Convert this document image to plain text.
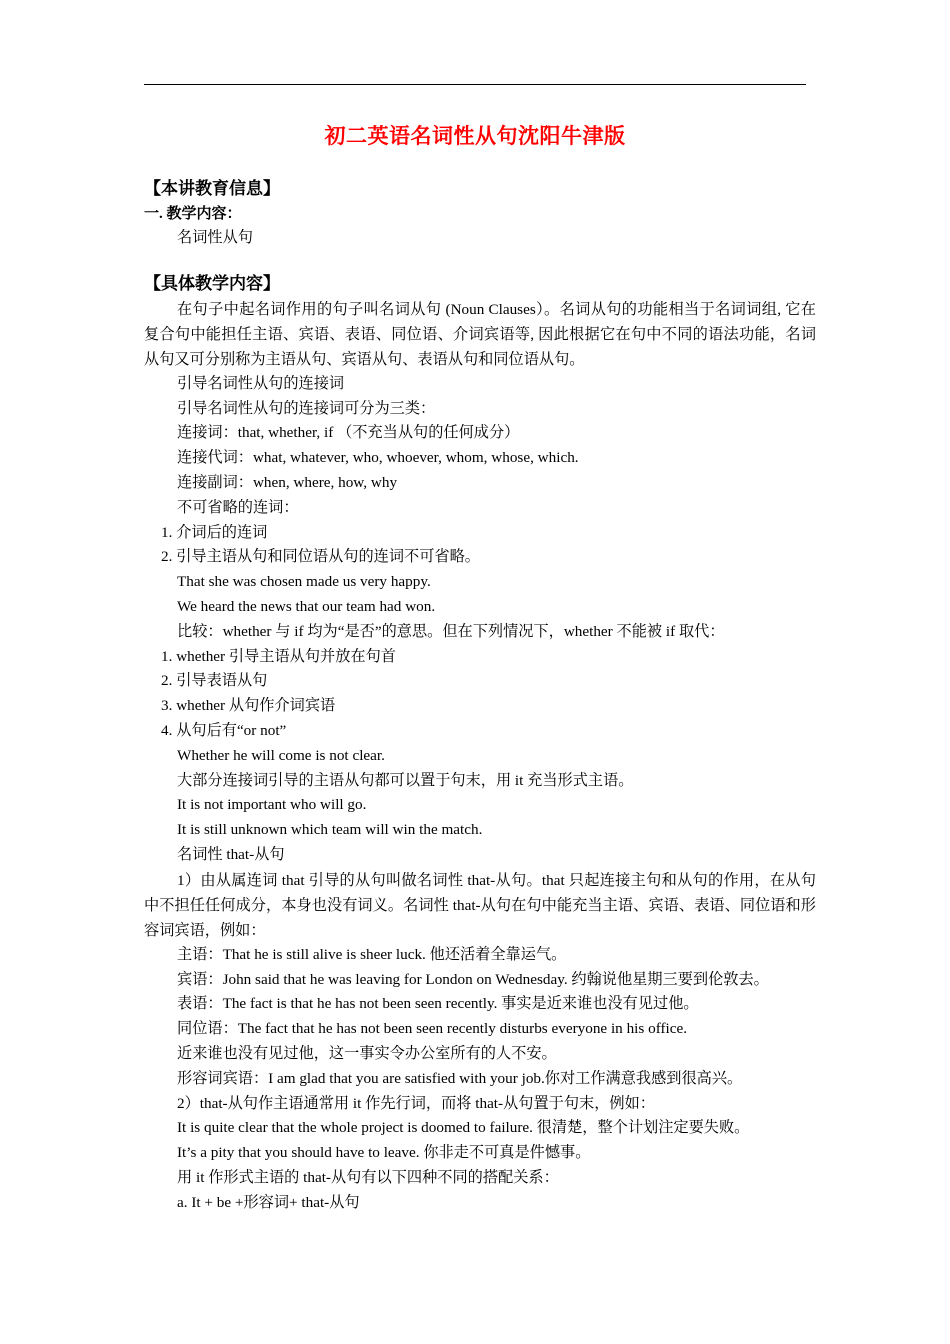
初二英语名词性从句沈阳牛津版
【本讲教育信息】
一. 教学内容：
名词性从句
【具体教学内容】
在句子中起名词作用的句子叫名词从句 (Noun Clauses）。名词从句的功能相当于名词词组, 它在复合句中能担任主语、宾语、表语、同位语、介词宾语等, 因此根据它在句中不同的语法功能，名词从句又可分别称为主语从句、宾语从句、表语从句和同位语从句。
引导名词性从句的连接词
引导名词性从句的连接词可分为三类：
连接词：that, whether, if （不充当从句的任何成分）
连接代词：what, whatever, who, whoever, whom, whose, which.
连接副词：when, where, how, why
不可省略的连词：
1. 介词后的连词
2. 引导主语从句和同位语从句的连词不可省略。
That she was chosen made us very happy.
We heard the news that our team had won.
比较：whether 与 if 均为“是否”的意思。但在下列情况下，whether 不能被 if 取代：
1. whether 引导主语从句并放在句首
2. 引导表语从句
3. whether 从句作介词宾语
4. 从句后有“or not”
Whether he will come is not clear.
大部分连接词引导的主语从句都可以置于句末，用 it 充当形式主语。
It is not important who will go.
It is still unknown which team will win the match.
名词性 that-从句
1）由从属连词 that 引导的从句叫做名词性 that-从句。that 只起连接主句和从句的作用，在从句中不担任任何成分，本身也没有词义。名词性 that-从句在句中能充当主语、宾语、表语、同位语和形容词宾语，例如：
主语：That he is still alive is sheer luck. 他还活着全靠运气。
宾语：John said that he was leaving for London on Wednesday. 约翰说他星期三要到伦敦去。
表语：The fact is that he has not been seen recently. 事实是近来谁也没有见过他。
同位语：The fact that he has not been seen recently disturbs everyone in his office.
近来谁也没有见过他，这一事实令办公室所有的人不安。
形容词宾语：I am glad that you are satisfied with your job.你对工作满意我感到很高兴。
2）that-从句作主语通常用 it 作先行词，而将 that-从句置于句末，例如：
It is quite clear that the whole project is doomed to failure. 很清楚，整个计划注定要失败。
It’s a pity that you should have to leave. 你非走不可真是件憾事。
用 it 作形式主语的 that-从句有以下四种不同的搭配关系：
a. It + be +形容词+ that-从句
